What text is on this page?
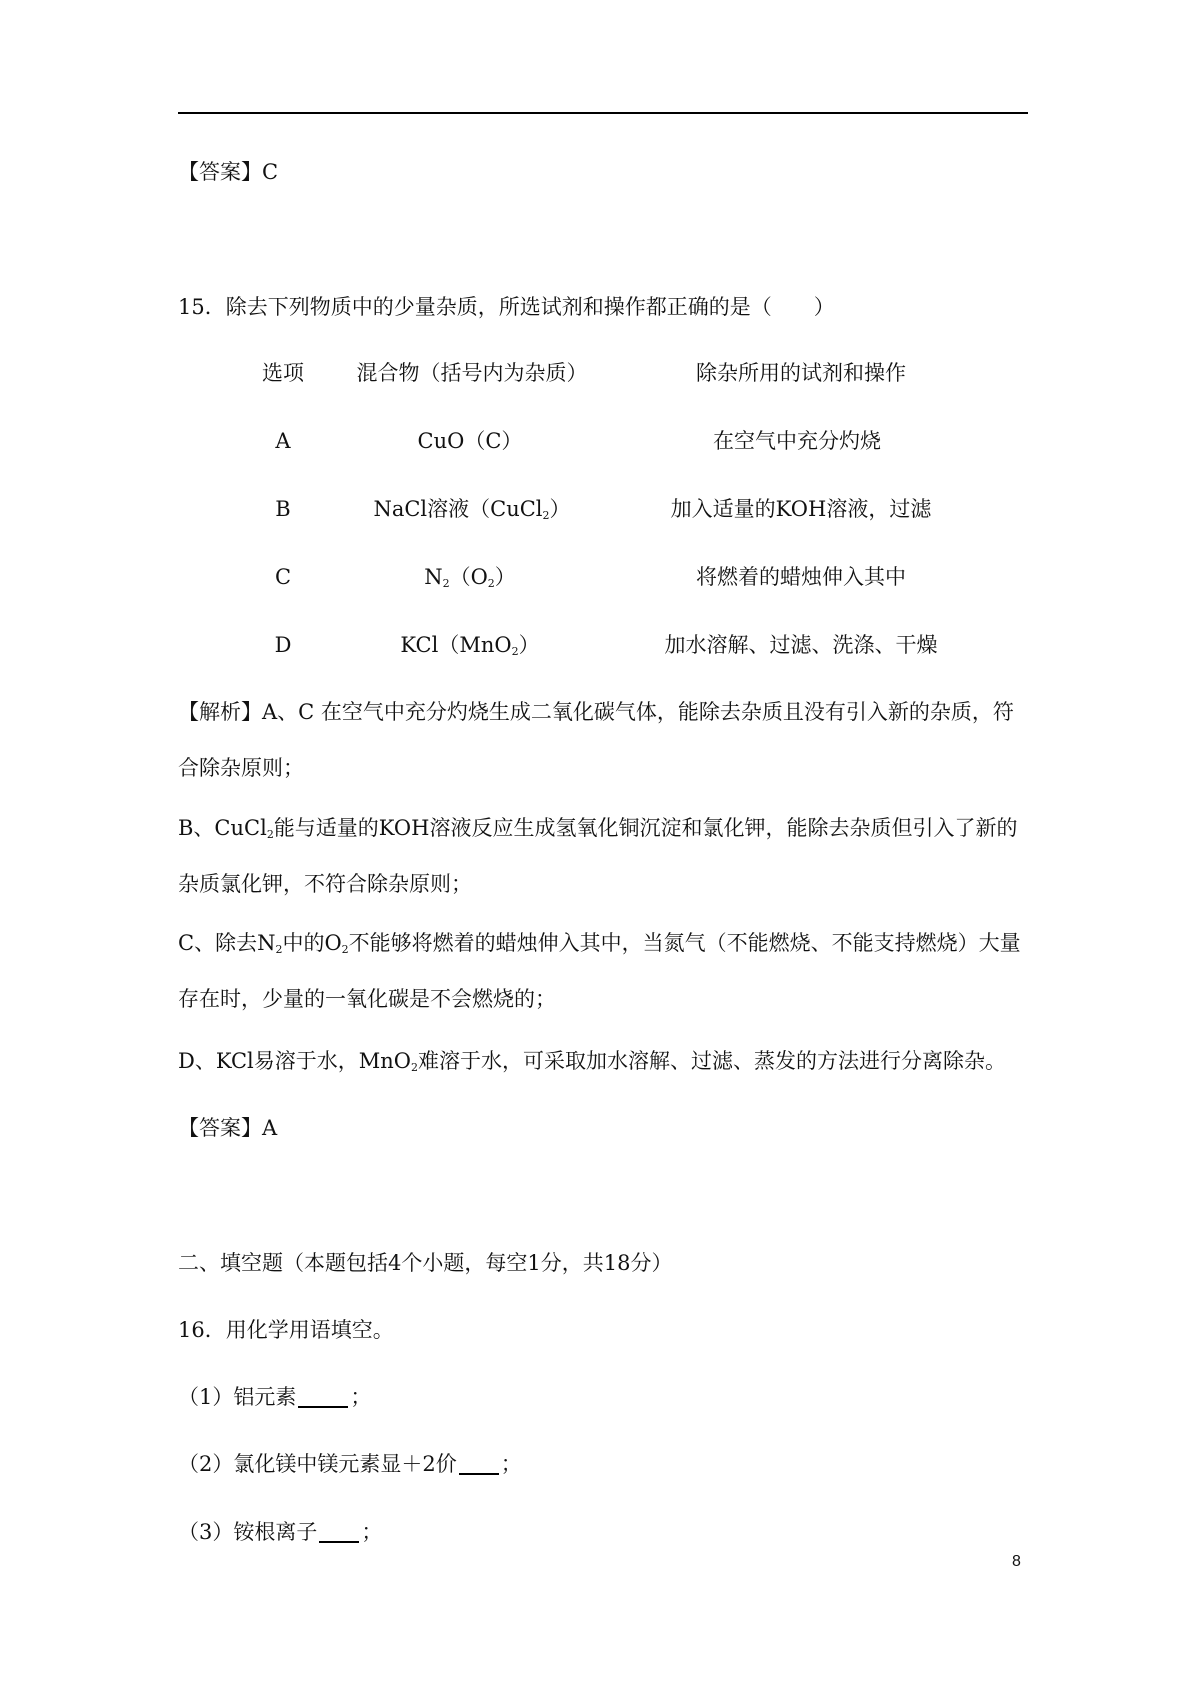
【答案】C
15．除去下列物质中的少量杂质，所选试剂和操作都正确的是（　　）
选项	混合物（括号内为杂质）	除杂所用的试剂和操作
A	CuO（C）	在空气中充分灼烧
B	NaCl溶液（CuCl$_2$）	加入适量的KOH溶液，过滤
C	$N_2(O_2)$	将燃着的蜡烛伸入其中
D	KCl（MnO$_2$）	加水溶解、过滤、洗涤、干燥
【解析】A、C 在空气中充分灼烧生成二氧化碳气体，能除去杂质且没有引入新的杂质，符合除杂原则；
B、CuCl$_2$能与适量的KOH溶液反应生成氢氧化铜沉淀和氯化钾，能除去杂质但引入了新的杂质氯化钾，不符合除杂原则；
C、除去$N_2$中的$O_2$不能够将燃着的蜡烛伸入其中，当氮气（不能燃烧、不能支持燃烧）大量存在时，少量的一氧化碳是不会燃烧的；
D、KCl易溶于水，MnO$_2$难溶于水，可采取加水溶解、过滤、蒸发的方法进行分离除杂。
【答案】A
二、填空题（本题包括4个小题，每空1分，共18分）
16．用化学用语填空。
（1）铝元素	；
（2）氯化镁中镁元素显＋2价 ；
（3）铵根离子 ；
8
